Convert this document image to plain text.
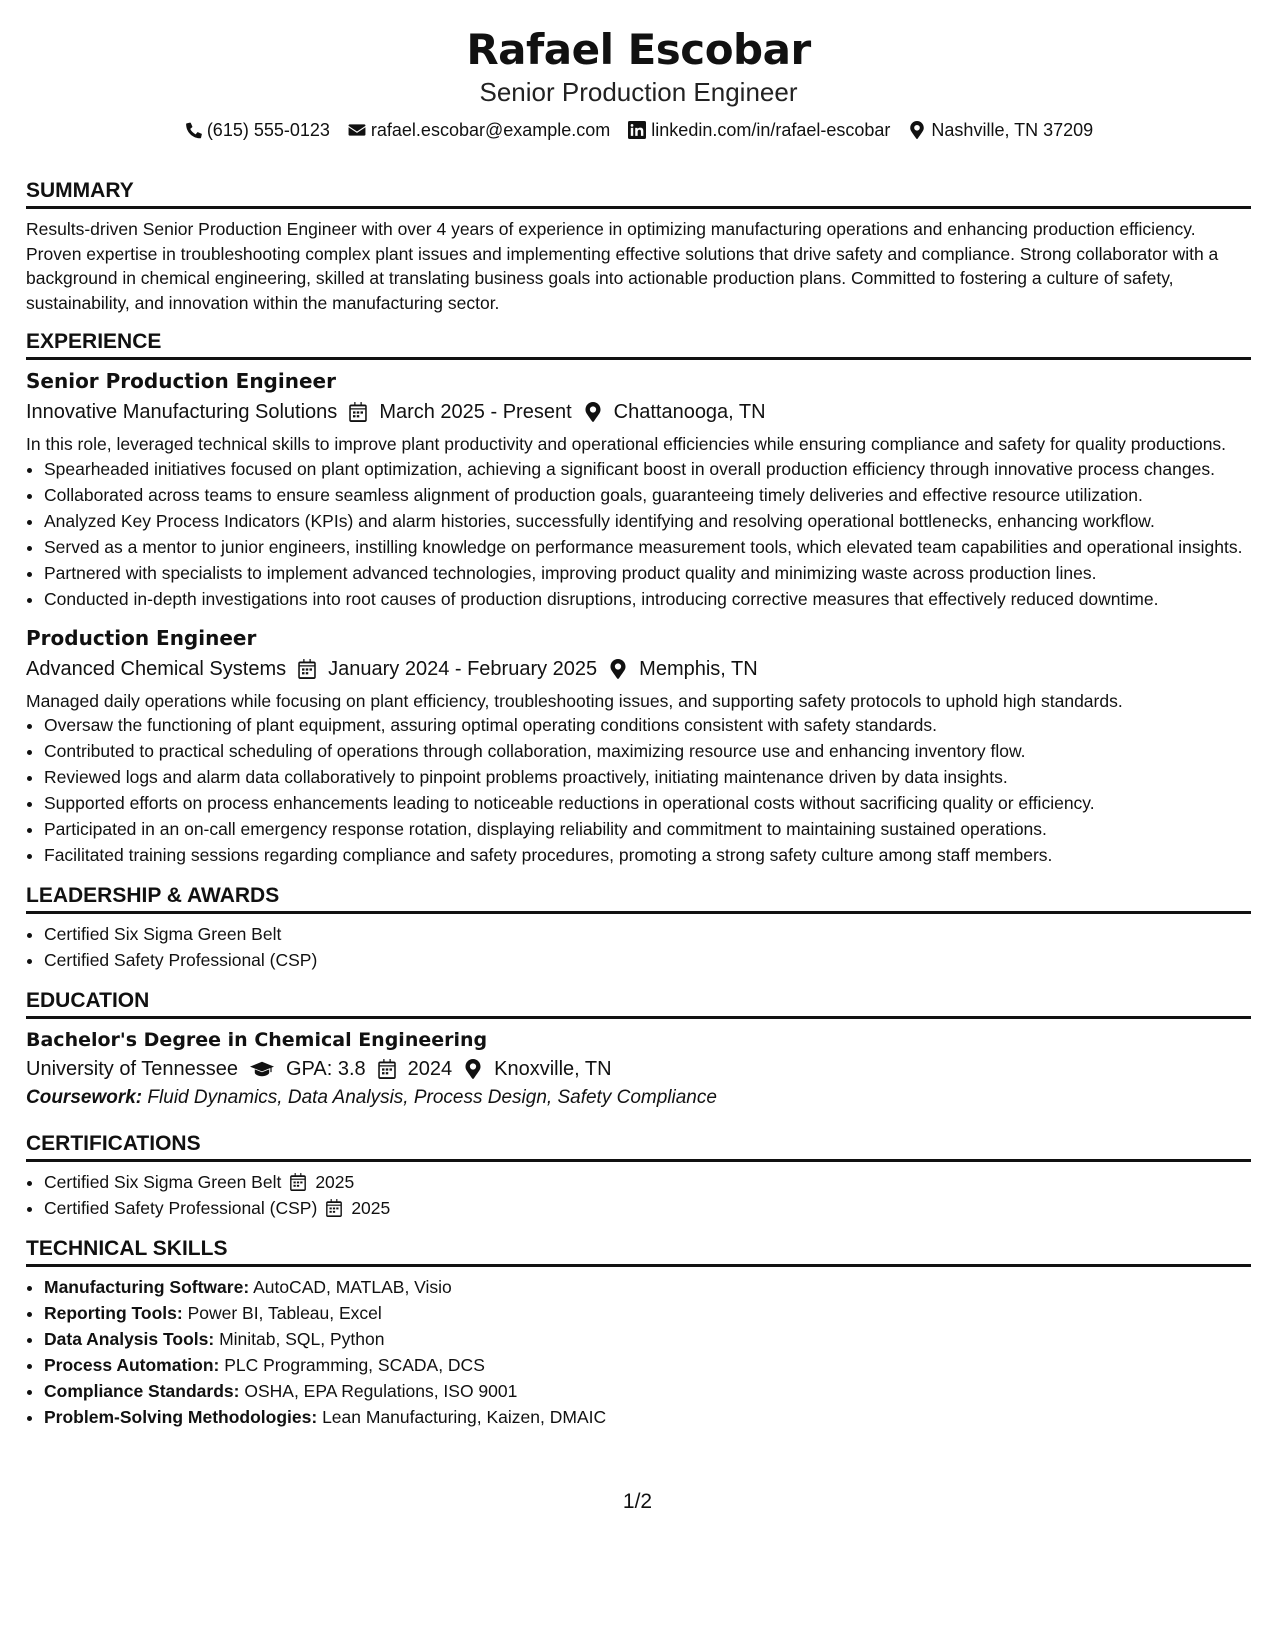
Rafael Escobar
Senior Production Engineer
(615) 555-0123 rafael.escobar@example.com linkedin.com/in/rafael-escobar Nashville, TN 37209
SUMMARY
Results-driven Senior Production Engineer with over 4 years of experience in optimizing manufacturing operations and enhancing production efficiency. Proven expertise in troubleshooting complex plant issues and implementing effective solutions that drive safety and compliance. Strong collaborator with a background in chemical engineering, skilled at translating business goals into actionable production plans. Committed to fostering a culture of safety, sustainability, and innovation within the manufacturing sector.
EXPERIENCE
Senior Production Engineer
Innovative Manufacturing Solutions March 2025 - Present Chattanooga, TN
In this role, leveraged technical skills to improve plant productivity and operational efficiencies while ensuring compliance and safety for quality productions.
• Spearheaded initiatives focused on plant optimization, achieving a significant boost in overall production efficiency through innovative process changes.
• Collaborated across teams to ensure seamless alignment of production goals, guaranteeing timely deliveries and effective resource utilization.
• Analyzed Key Process Indicators (KPIs) and alarm histories, successfully identifying and resolving operational bottlenecks, enhancing workflow.
• Served as a mentor to junior engineers, instilling knowledge on performance measurement tools, which elevated team capabilities and operational insights.
• Partnered with specialists to implement advanced technologies, improving product quality and minimizing waste across production lines.
• Conducted in-depth investigations into root causes of production disruptions, introducing corrective measures that effectively reduced downtime.
Production Engineer
Advanced Chemical Systems January 2024 - February 2025 Memphis, TN
Managed daily operations while focusing on plant efficiency, troubleshooting issues, and supporting safety protocols to uphold high standards.
• Oversaw the functioning of plant equipment, assuring optimal operating conditions consistent with safety standards.
• Contributed to practical scheduling of operations through collaboration, maximizing resource use and enhancing inventory flow.
• Reviewed logs and alarm data collaboratively to pinpoint problems proactively, initiating maintenance driven by data insights.
• Supported efforts on process enhancements leading to noticeable reductions in operational costs without sacrificing quality or efficiency.
• Participated in an on-call emergency response rotation, displaying reliability and commitment to maintaining sustained operations.
• Facilitated training sessions regarding compliance and safety procedures, promoting a strong safety culture among staff members.
LEADERSHIP & AWARDS
• Certified Six Sigma Green Belt
• Certified Safety Professional (CSP)
EDUCATION
Bachelor's Degree in Chemical Engineering
University of Tennessee GPA: 3.8 2024 Knoxville, TN
Coursework: Fluid Dynamics, Data Analysis, Process Design, Safety Compliance
CERTIFICATIONS
• Certified Six Sigma Green Belt 2025
• Certified Safety Professional (CSP) 2025
TECHNICAL SKILLS
• Manufacturing Software: AutoCAD, MATLAB, Visio
• Reporting Tools: Power BI, Tableau, Excel
• Data Analysis Tools: Minitab, SQL, Python
• Process Automation: PLC Programming, SCADA, DCS
• Compliance Standards: OSHA, EPA Regulations, ISO 9001
• Problem-Solving Methodologies: Lean Manufacturing, Kaizen, DMAIC
1/2
